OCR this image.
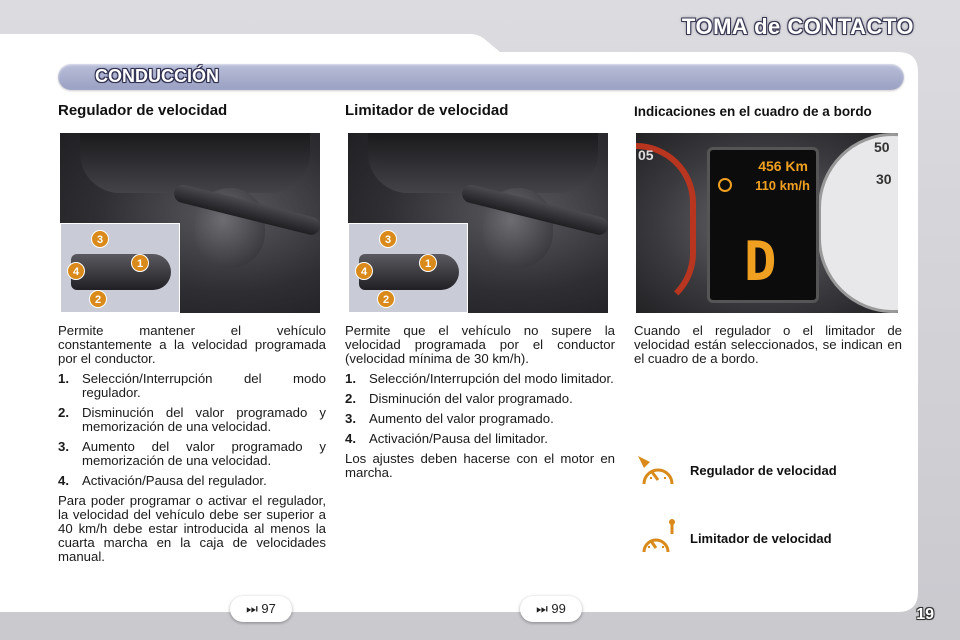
TOMA de CONTACTO
CONDUCCIÓN
Regulador de velocidad
3
1
4
2
Permite mantener el vehículo constantemente a la velocidad programada por el conductor.
1. Selección/Interrupción del modo regulador.
2. Disminución del valor programado y memorización de una velocidad.
3. Aumento del valor programado y memorización de una velocidad.
4. Activación/Pausa del regulador.
Para poder programar o activar el regulador, la velocidad del vehículo debe ser superior a 40 km/h debe estar introducida al menos la cuarta marcha en la caja de velocidades manual.
Limitador de velocidad
3
1
4
2
Permite que el vehículo no supere la velocidad programada por el conductor (velocidad mínima de 30 km/h).
1. Selección/Interrupción del modo limitador.
2. Disminución del valor programado.
3. Aumento del valor programado.
4. Activación/Pausa del limitador.
Los ajustes deben hacerse con el motor en marcha.
Indicaciones en el cuadro de a bordo
05	50
30
456 Km
110 km/h
D
Cuando el regulador o el limitador de velocidad están seleccionados, se indican en el cuadro de a bordo.
Regulador de velocidad
Limitador de velocidad
⏭ 97	⏭ 99	19
